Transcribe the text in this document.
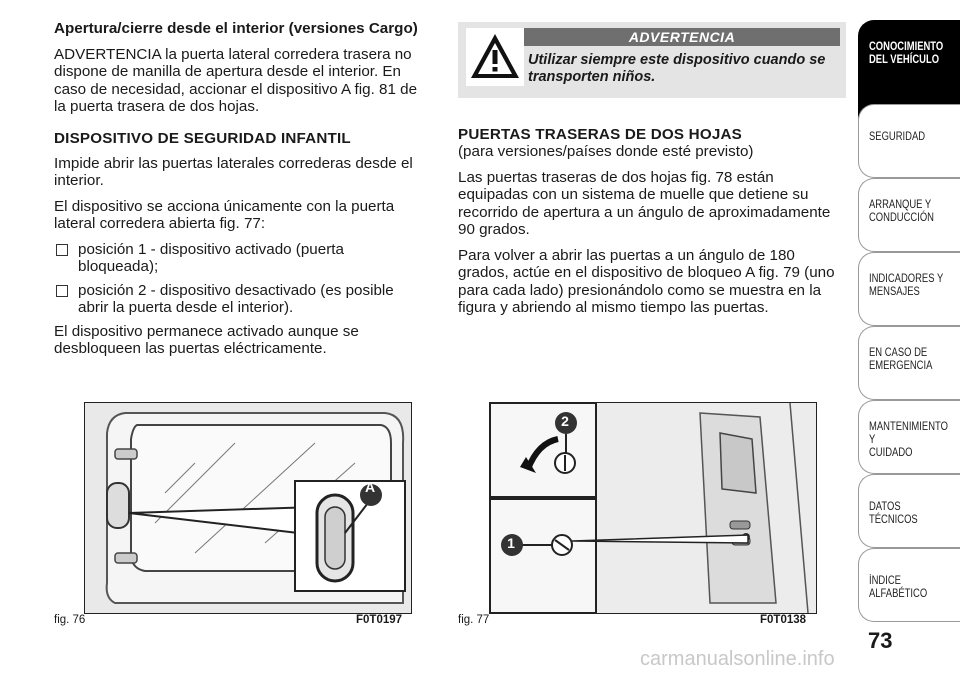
Apertura/cierre desde el interior (versiones Cargo)

ADVERTENCIA la puerta lateral corredera trasera no dispone de manilla de apertura desde el interior. En caso de necesidad, accionar el dispositivo A fig. 81 de la puerta trasera de dos hojas.

DISPOSITIVO DE SEGURIDAD INFANTIL

Impide abrir las puertas laterales correderas desde el interior.

El dispositivo se acciona únicamente con la puerta lateral corredera abierta fig. 77:

posición 1 - dispositivo activado (puerta bloqueada);
posición 2 - dispositivo desactivado (es posible abrir la puerta desde el interior).

El dispositivo permanece activado aunque se desbloqueen las puertas eléctricamente.

ADVERTENCIA
Utilizar siempre este dispositivo cuando se transporten niños.
PUERTAS TRASERAS DE DOS HOJAS

(para versiones/países donde esté previsto)

Las puertas traseras de dos hojas fig. 78 están equipadas con un sistema de muelle que detiene su recorrido de apertura a un ángulo de aproximadamente 90 grados.

Para volver a abrir las puertas a un ángulo de 180 grados, actúe en el dispositivo de bloqueo A fig. 79 (uno para cada lado) presionándolo como se muestra en la figura y abriendo al mismo tiempo las puertas.

A
fig. 76	F0T0197
2
1
fig. 77	F0T0138
CONOCIMIENTO
DEL VEHÍCULO
SEGURIDAD
ARRANQUE Y
CONDUCCIÓN
INDICADORES Y
MENSAJES
EN CASO DE
EMERGENCIA
MANTENIMIENTO Y
CUIDADO
DATOS TÉCNICOS
ÍNDICE ALFABÉTICO
73
carmanualsonline.info
